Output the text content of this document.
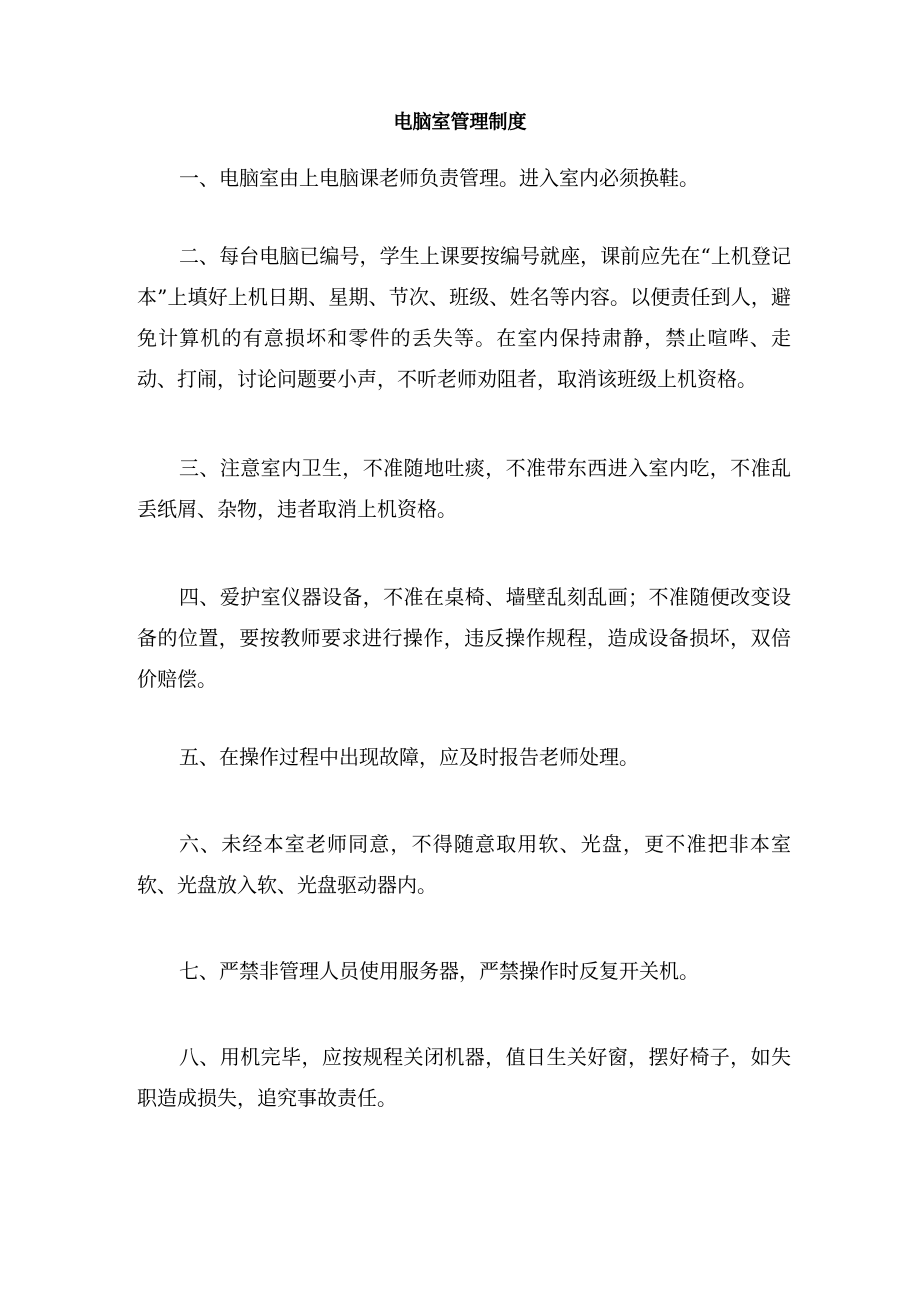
电脑室管理制度

一、电脑室由上电脑课老师负责管理。进入室内必须换鞋。

二、每台电脑已编号，学生上课要按编号就座，课前应先在“上机登记本”上填好上机日期、星期、节次、班级、姓名等内容。以便责任到人，避免计算机的有意损坏和零件的丢失等。在室内保持肃静，禁止喧哗、走动、打闹，讨论问题要小声，不听老师劝阻者，取消该班级上机资格。

三、注意室内卫生，不准随地吐痰，不准带东西进入室内吃，不准乱丢纸屑、杂物，违者取消上机资格。

四、爱护室仪器设备，不准在桌椅、墙壁乱刻乱画；不准随便改变设备的位置，要按教师要求进行操作，违反操作规程，造成设备损坏，双倍价赔偿。

五、在操作过程中出现故障，应及时报告老师处理。

六、未经本室老师同意，不得随意取用软、光盘，更不准把非本室软、光盘放入软、光盘驱动器内。

七、严禁非管理人员使用服务器，严禁操作时反复开关机。

八、用机完毕，应按规程关闭机器，值日生关好窗，摆好椅子，如失职造成损失，追究事故责任。
